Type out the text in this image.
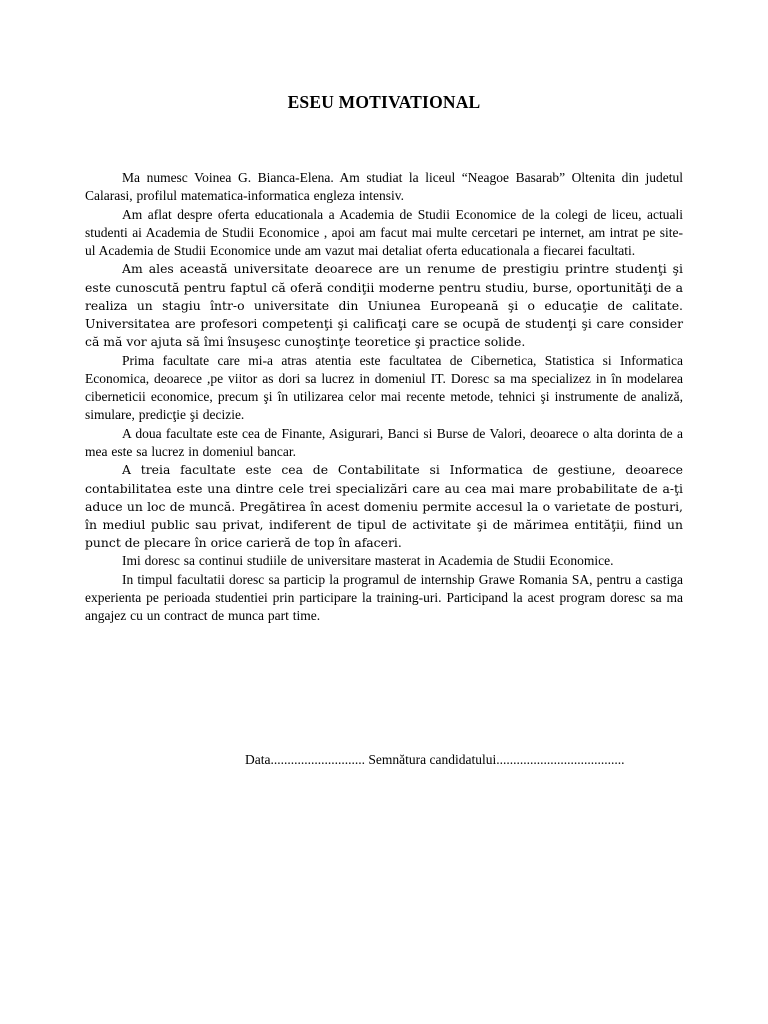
ESEU MOTIVATIONAL

Ma numesc Voinea G. Bianca-Elena. Am studiat la liceul “Neagoe Basarab” Oltenita din judetul Calarasi, profilul matematica-informatica engleza intensiv.

Am aflat despre oferta educationala a Academia de Studii Economice de la colegi de liceu, actuali studenti ai Academia de Studii Economice , apoi am facut mai multe cercetari pe internet, am intrat pe site-ul Academia de Studii Economice unde am vazut mai detaliat oferta educationala a fiecarei facultati.

Am ales această universitate deoarece are un renume de prestigiu printre studenţi şi este cunoscută pentru faptul că oferă condiţii moderne pentru studiu, burse, oportunităţi de a realiza un stagiu într-o universitate din Uniunea Europeană şi o educaţie de calitate. Universitatea are profesori competenţi şi calificaţi care se ocupă de studenţi şi care consider că mă vor ajuta să îmi însuşesc cunoştinţe teoretice şi practice solide.

Prima facultate care mi-a atras atentia este facultatea de Cibernetica, Statistica si Informatica Economica, deoarece ,pe viitor as dori sa lucrez in domeniul IT. Doresc sa ma specializez in în modelarea ciberneticii economice, precum şi în utilizarea celor mai recente metode, tehnici şi instrumente de analiză, simulare, predicţie şi decizie.

A doua facultate este cea de Finante, Asigurari, Banci si Burse de Valori, deoarece o alta dorinta de a mea este sa lucrez in domeniul bancar.

A treia facultate este cea de Contabilitate si Informatica de gestiune, deoarece contabilitatea este una dintre cele trei specializări care au cea mai mare probabilitate de a-ţi aduce un loc de muncă. Pregătirea în acest domeniu permite accesul la o varietate de posturi, în mediul public sau privat, indiferent de tipul de activitate şi de mărimea entităţii, fiind un punct de plecare în orice carieră de top în afaceri.

Imi doresc sa continui studiile de universitare masterat in Academia de Studii Economice.

In timpul facultatii doresc sa particip la programul de internship Grawe Romania SA, pentru a castiga experienta pe perioada studentiei prin participare la training-uri. Participand la acest program doresc sa ma angajez cu un contract de munca part time.

Data............................ Semnătura candidatului......................................
